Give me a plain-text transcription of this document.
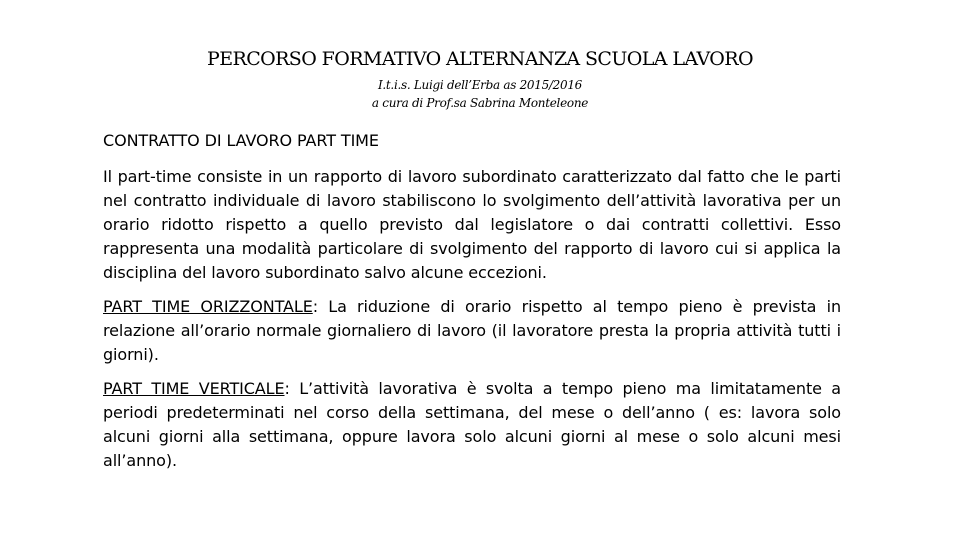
PERCORSO FORMATIVO ALTERNANZA SCUOLA LAVORO
I.t.i.s. Luigi dell’Erba as 2015/2016
a cura di Prof.sa Sabrina Monteleone
CONTRATTO DI LAVORO PART TIME

Il part-time consiste in un rapporto di lavoro subordinato caratterizzato dal fatto che le parti nel contratto individuale di lavoro stabiliscono lo svolgimento dell’attività lavorativa per un orario ridotto rispetto a quello previsto dal legislatore o dai contratti collettivi. Esso rappresenta una modalità particolare di svolgimento del rapporto di lavoro cui si applica la disciplina del lavoro subordinato salvo alcune eccezioni.

PART TIME ORIZZONTALE: La riduzione di orario rispetto al tempo pieno è prevista in relazione all’orario normale giornaliero di lavoro (il lavoratore presta la propria attività tutti i giorni).

PART TIME VERTICALE: L’attività lavorativa è svolta a tempo pieno ma limitatamente a periodi predeterminati nel corso della settimana, del mese o dell’anno ( es: lavora solo alcuni giorni alla settimana, oppure lavora solo alcuni giorni al mese o solo alcuni mesi all’anno).
